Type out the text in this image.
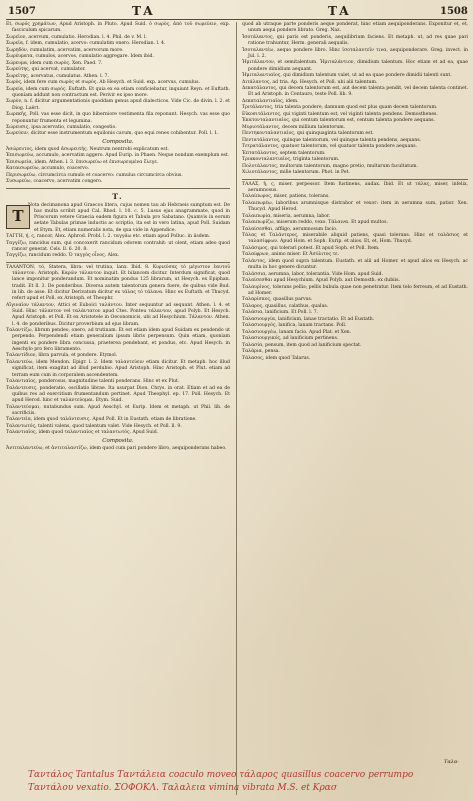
1507	TA	TA	1508
Et, σωρός χρημάτων, Apud Aristoph. in Pluto. Apud Suid. ὁ σωρὸς, ἀπὸ τοῦ σωρεύειν, exp. fasciculum spicarum.
Σωρεῖον, acervum, cumulatio. Herodian. l. 4. Phil. de v. M. l.
Σωρεῖα, f. idem, cumulatio, acervo: cumulatim onero. Herodian. l. 4.
Σωρηδόν, cumulatim, acervatim, acervorum more.
Σωρέυματα, cumulos, acervos, cumulatio aggregare. Idem ibid.
Σώρευμα, idem cum σωρὸς. Xen. Paed. 7.
Σωρεύτης, qui acervat, cumulator.
Σωρεῖτης, acervatus, cumulatus. Athen. l. 7.
Σωρὸς, idem fere cum σωρὸς et σωρὸς. Ab Hesych. et Suid. exp. acervus, cumulus.
Σωρεία, idem cum σωρὸς. Euftath. Et quia ex ea etiam conficiebatur, inquiunt Reyn. et Euftath. quoniam addunt non contractum est. Perivir ex ipso more.
Σωρὸν, n. f. dicitur argumentationis quoddam genus apud dialecticos. Vide Cic. de divin. l. 2. et Diog. Laërt.
Σωρεκῆς, Poll. vas esse dicit, in quo hiberniore vestimenta fila reponunt. Hesych. vas esse quo reponuntur frumenta et legumina.
Σώρευσις, ipsa acervatio, cumulatio, congestio.
Σωρεύειν, dicitur esse instrumentum equilonis cavum, quo equi renes cohibentur. Poll. l. 1.
Composita.
Ἀσώρευτος, idem quod ἀσωρευτής. Neutrum nentrobi explicatum est.
Ἐπισωρεύω, accumulo, acervatim aggero. Apud Eurip. in Phaen. Neque nondum exemplum est.
Ἐπισωρεία, idem. Athen. l. 3. ἐπισωρεύω et ἐπισωρευμένα ἔλεγε.
Καταισωρεύω, accumulo, coacervo.
Περισωρεύω, circumcirca cumulo et coacervo: cumulus circumcircа obvius.
Συσωρεύω, coacervo, acervatim congero.
T.
T
Nota decimanona apud Graecos litera, cujus nomen tau ab Hebraeis sumptum est. De hac multa scribit apud Cal. Rhod. l. 10. c. 5. Lusus ejus anagrammate, quod in Priscorum vetere Graecia eadem figura et Tabula pro Sabatano. Quamvis in eorum aetate Tabulas primae inductis ac scriptio, ita est in vero latina, apud Poll. Suidam et Etym. Et, etiam numeralis nota, de qua vide in Appendice.
ΤΑΓΓΗ, ή, ς, rancor, Alex. Aphrod. Probl. l. 2. ταγγάω etc. etiam apud Polluc. in iisdem.
Ταγγίζω, rancidus sum, qui concoxerit rancidum odorem contrahit: ut olent, etiam adeo quod rancor generat. Cels. ll. 6. 20. 8.
Ταγγίζω, rancidum reddo. Ὁ ταγγὸς οἶνος. Alex.
ΤΑΛΑΝΤΟΝ, τό, Statera, libra: vel trutina, lanx. Ibid. 8. Κυριεύσας τὸ μέγιστον ἑαυτοῦ τάλαντον. Aristoph. Καρῶν τάλαντον inquit. Et bilancem dicitur. Interdum significat, quod lance imponitur ponderandum. Et nominatim pondus 125 librarum, ut Hesych. ex Epiphan. tradit. Et ll. 3. De ponderibus. Diversa autem talentorum genera fuere, de quibus vide Bud. in lib. de asse. Et dicitur Derivatum dicitur ex τάλας τὸ τάλανα. Hinc ex Euftath. et Thucyd. refert apud et Poll. ex Aristoph. et Theophr.
Αἴγιναῖον τάλαντον, Attici et Euboici ταλάντου. Inter sequuntur ad sequunt. Athen. l. 4. et Suid. Hinc τάλαντον vel ταλάντατον apud Ctes. Ponteu τάλαντον, apud Polyb. Et Hesych. Apud Aristoph. et Poll. Et ex Aristotele in Oeconomicis, ubi ad Hesychium. Τάλαντον. Athen. l. 4. de ponderibus. Dicitur proverbium ad ejus libram.
Ταλαντίζω, librum pendeo, onero, ad trutinam. Et est etiam idem apud Suidam ex pendendo ut perpendo. Perpendendi etiam generalium ipsum libris perpensum. Quin etiam, quoniam ingenti ex pondere libra concussa, praeterea pendebant, et pondus, etc. Apud Hesych. in Aeschylo pro fero libramento.
Ταλαντίδιον, libra parvula, et pondere. Etymol.
Ταλαντεύω, idem Mendon. Epigr. l. 2. Idem ταλαντεύειν etiam dicitur. Et metaph. hoc illud significat, item exagitat ad illud perdubio. Apud Aristoph. Hinc Aristoph. et Plut. etiam ad terram eum cum in corporalem ascendentem.
Ταλαντιαῖος, ponderosus, magnitudine talenti ponderans. Hinc et ex Plut.
Ταλάντευσις, ponderatio, oscillatio librae. Ita usurpat Dion. Chrys. in orat. Etiam et ad ea de quibus res ad exercitium frumentandum pertinet. Apud Theophyl. ep. 17. Poll. Hesych. Et apud Herod. hinc et ταλαντεύομαι. Etym. Suid.
Ταλαντεύομαι, nutabundus sum. Apud Aeschyl. et Eurip. Idem et metaph. ut Phil. lib. de sacrificiis.
Ταλαντεία, idem quod ταλάντευσις. Apud Poll. Et in Eustath. etiam de libratione.
Ταλαντωτός, talenti valens, quod talentum valet. Vide Hesych. et Poll. ll. 9.
Ταλαντιαῖος, idem quod ταλαντιαῖος et ταλαντωτός. Apud Suid.
Composita.
Ἀντιταλαντεύω, et ἀντιταλαντίζω, idem quod cum pari pondere libro, aequiponderans habeo.
quod ab utraque parte ponderis aeque ponderat, hinc etiam aequiponderans. Exponitur et, et, unum aequi pondere librato. Greg. Naz.
Ἰσοτάλαντος, qui paris est ponderis, aequilibrium faciens. Et metaph. ut, ad res quae pari ratione trahuntur, Herm. generali aequalis.
Ἰσοταλαντέω, aequo pondere libro. Hinc ἰσοταλαντεῖν τινα, aequiponderare. Greg. invect. in Jul. l. 2.
Ἡμιτάλαντον, et semitalentum. Ἡμιταλάντιον, dimidium talentum. Hoc etiam et ad ea, quae pondere dimidium aequant.
Ἡμιταλαντιαῖος, qui dimidium talentum valet, ut ad ea quae pondere dimidii talenti sunt.
Διτάλαντος, ad tria. Ap. Hesych. et Poll. ubi alii talentum.
Δεκατάλαντος, qui decem talentorum est, aut decem talenta pendit, vel decem talenta continet. Et ad Aristoph. in Centauro, teste Poll. lib. 9.
Δεκαταλαντιαῖος, idem.
Τριτάλαντος, tria talenta pondere, damnum quod est plus quam decem talentorum.
Εἰκοσιτάλαντος, qui viginti talentum est, vel viginti talenta pendens. Demosthenes.
Ἑκατονταλαντιαῖος, qui centum talentorum est, centum talenta pondere aequans.
Μυριοτάλαντος, decem millium talentorum.
Πεντηκονταλαντιαῖος, qui quinquaginta talentorum est.
Πεντατάλαντος, quinque talentorum, vel quinque talenta pendens, aequans.
Τετρατάλαντος, quatuor talentorum, vel quatuor talenta pondere aequans.
Ἐπτατάλαντος, septem talentorum.
Τριακονταλαντιαῖος, triginta talentorum.
Πολυτάλαντος, multorum talentorum, magno pretio, multarum facultatum.
Χιλιοτάλαντος, mille talentorum. Phot. in Pet.
ΤΑΛΑΣ, ἡ, ς, miser, perpessor. Item fustinens, audax. Ibid. Et ut τάλας, miser, infelix, aerumnosus.
Ταλαίπωρος, miser, patiens, tolerans.
Ταλαιπωρέω, laboribus arumnisque distrahor et vexor: item in aerumna sum, patior. Xen. Thucyd. Apud Herod.
Ταλαιπωρία, miseria, aerumna, labor.
Ταλαιπωρίζω, miserum reddo, vexo. Τάλαινα. Et apud multos.
Ταλαίσεσθαι, affligo, aerumnosum facio.
Τάλας et Ταλάντερος, miserabile aliquid patiens, quasi tolerans. Hinc et ταλάσιος et ταλασίφρων. Apud Hom. et Soph. Eurip. et alios. Et, et, Hom. Thucyd.
Ταλάσιμος, qui tolerari potest. Et apud Soph. et Poll. Item.
Ταλαίφρων, animo miser. Et Ἀσύλιτος τε.
Ταλάντος, idem quod supra talentum. Eustath. et alii ad Homer. et apud alios ex Hesych. ac multa in hoc genere dicuntur.
Ταλάσσια, aerumna, labor, tolerantia. Vide Hom. apud Suid.
Ταλαίσεσθαι apud Hesychium. Apud Polyb. aut Demosth. ex dubiis.
Ταλαυρῖνος, tolerans pellis; pellis bubula quae non penetratur. Item telo ferreum, et ad Eustath. ad Homer.
Ταλαρίσκος, quasillus parvus.
Τάλαρος, quasillus, calathus, qualus.
Ταλάσια, lanificium. Et Poll. l. 7.
Ταλασιουργία, lanificium, lanae tractatio. Et ad Eustath.
Ταλασιουργός, lanifica, lanam tractans. Poll.
Ταλασιουργέω, lanam facio. Apud Plat. et Xen.
Ταλασιουργικός, ad lanificium pertinens.
Ταλασία, pensum, item quod ad lanificium spectat.
Ταλάρια, pensa.
Τάλασος, idem quod Talarus.
Ταλα-
Ταντάλος Tantalus Ταντάλεια coaculo moveo τάλαρος quasillus coacervo perrumpo
Ταντάλου vexatio. ΣΟΦΟΚΛ. Ταλαλεια vimina vibrata M.S. et Κρασ
